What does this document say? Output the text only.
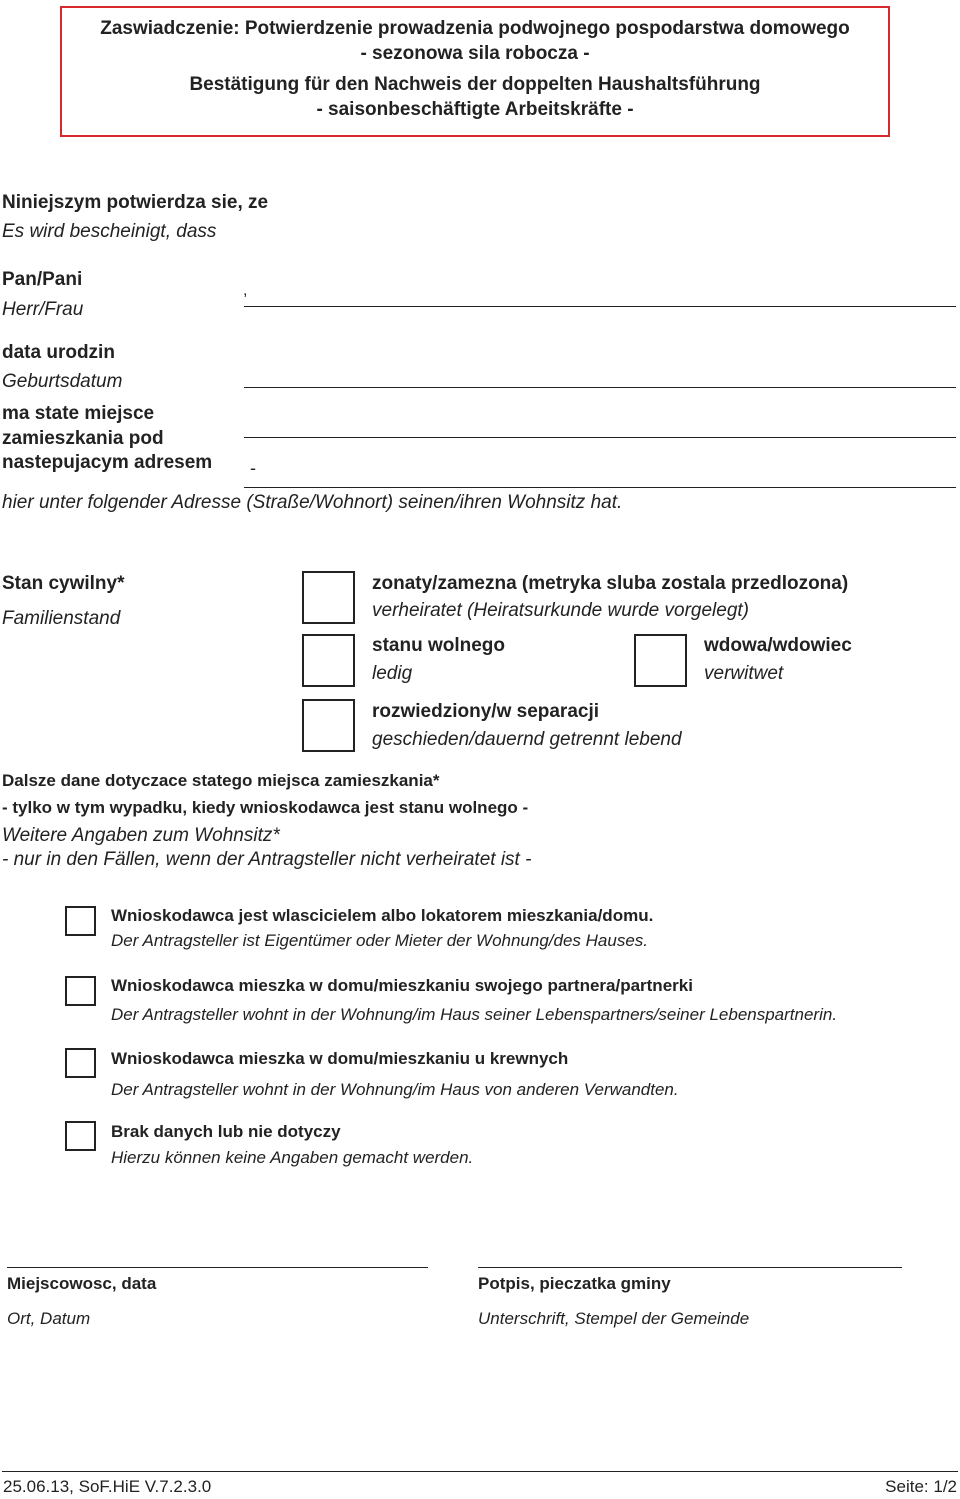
Zaswiadczenie: Potwierdzenie prowadzenia podwojnego pospodarstwa domowego
- sezonowa sila robocza -
Bestätigung für den Nachweis der doppelten Haushaltsführung
- saisonbeschäftigte Arbeitskräfte -
Niniejszym potwierdza sie, ze
Es wird bescheinigt, dass
Pan/Pani
Herr/Frau
,
data urodzin
Geburtsdatum
ma state miejsce
zamieszkania pod
nastepujacym adresem -
hier unter folgender Adresse (Straße/Wohnort) seinen/ihren Wohnsitz hat.
Stan cywilny*
Familienstand
zonaty/zamezna (metryka sluba zostala przedlozona)
verheiratet (Heiratsurkunde wurde vorgelegt)
stanu wolnego
ledig
wdowa/wdowiec
verwitwet
rozwiedziony/w separacji
geschieden/dauernd getrennt lebend
Dalsze dane dotyczace statego miejsca zamieszkania*
- tylko w tym wypadku, kiedy wnioskodawca jest stanu wolnego -
Weitere Angaben zum Wohnsitz*
- nur in den Fällen, wenn der Antragsteller nicht verheiratet ist -
Wnioskodawca jest wlascicielem albo lokatorem mieszkania/domu.
Der Antragsteller ist Eigentümer oder Mieter der Wohnung/des Hauses.
Wnioskodawca mieszka w domu/mieszkaniu swojego partnera/partnerki
Der Antragsteller wohnt in der Wohnung/im Haus seiner Lebenspartners/seiner Lebenspartnerin.
Wnioskodawca mieszka w domu/mieszkaniu u krewnych
Der Antragsteller wohnt in der Wohnung/im Haus von anderen Verwandten.
Brak danych lub nie dotyczy
Hierzu können keine Angaben gemacht werden.
Miejscowosc, data
Ort, Datum
Potpis, pieczatka gminy
Unterschrift, Stempel der Gemeinde
25.06.13, SoF.HiE V.7.2.3.0	Seite: 1/2
